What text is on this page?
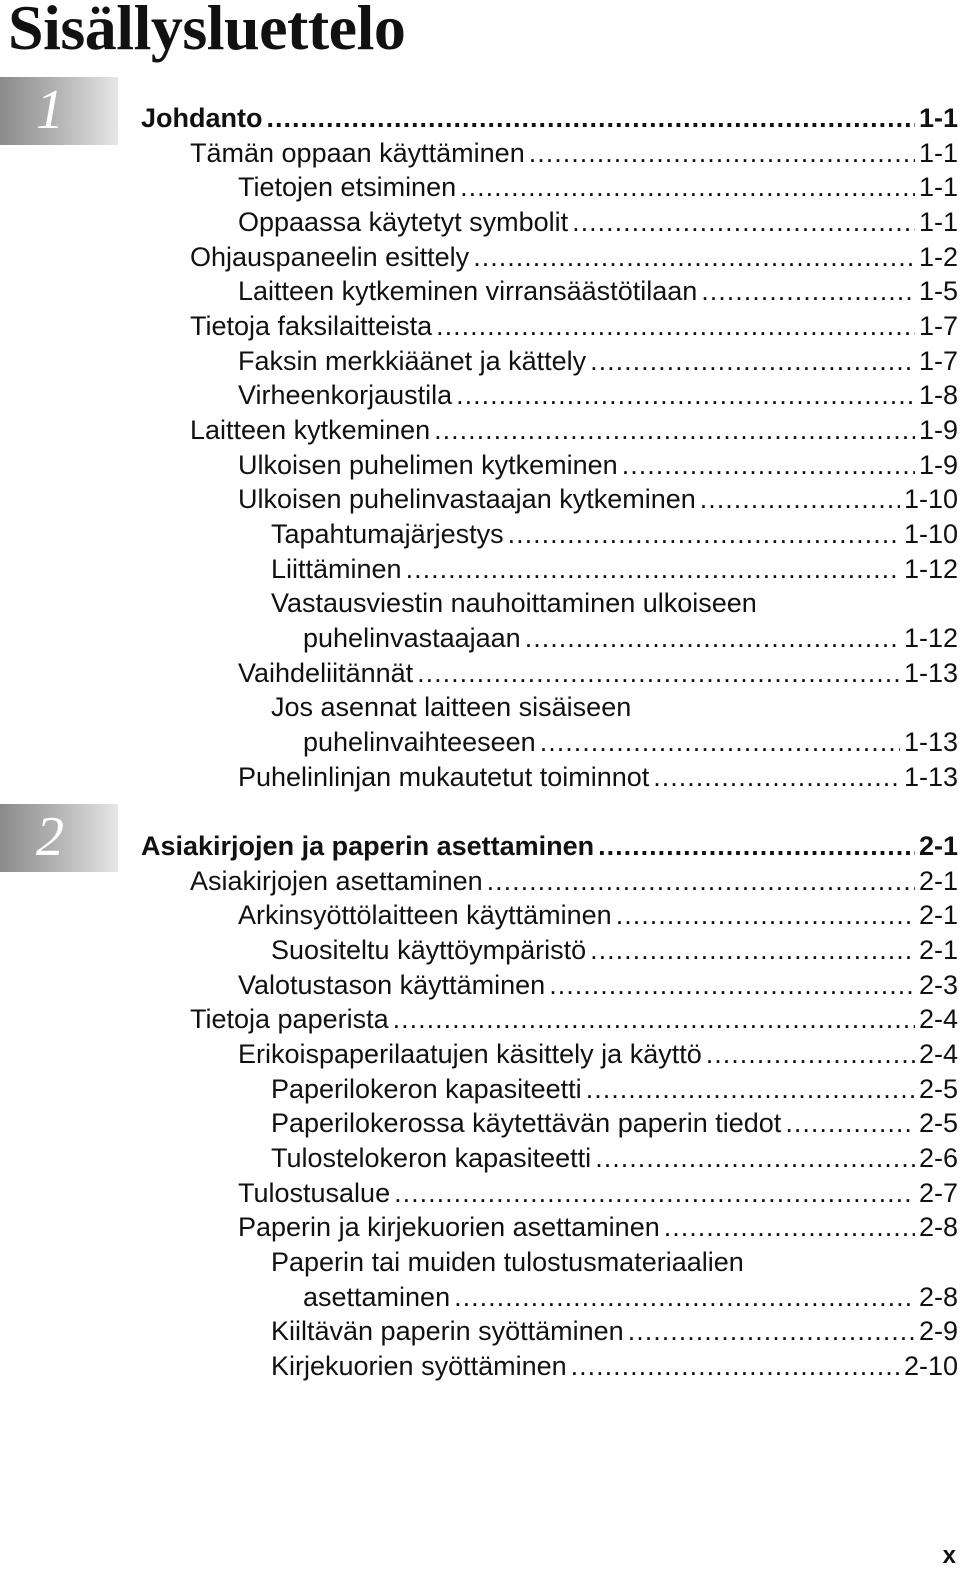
Sisällysluettelo
1	Johdanto .....	1-1
Tämän oppaan käyttäminen .....	1-1
Tietojen etsiminen .....	1-1
Oppaassa käytetyt symbolit .....	1-1
Ohjauspaneelin esittely .....	1-2
Laitteen kytkeminen virransäästötilaan .....	1-5
Tietoja faksilaitteista .....	1-7
Faksin merkkiäänet ja kättely .....	1-7
Virheenkorjaustila .....	1-8
Laitteen kytkeminen .....	1-9
Ulkoisen puhelimen kytkeminen .....	1-9
Ulkoisen puhelinvastaajan kytkeminen .....	1-10
Tapahtumajärjestys .....	1-10
Liittäminen .....	1-12
Vastausviestin nauhoittaminen ulkoiseen
puhelinvastaajaan .....	1-12
Vaihdeliitännät .....	1-13
Jos asennat laitteen sisäiseen
puhelinvaihteeseen .....	1-13
Puhelinlinjan mukautetut toiminnot .....	1-13
2	Asiakirjojen ja paperin asettaminen .....	2-1
Asiakirjojen asettaminen .....	2-1
Arkinsyöttölaitteen käyttäminen .....	2-1
Suositeltu käyttöympäristö .....	2-1
Valotustason käyttäminen .....	2-3
Tietoja paperista .....	2-4
Erikoispaperilaatujen käsittely ja käyttö .....	2-4
Paperilokeron kapasiteetti .....	2-5
Paperilokerossa käytettävän paperin tiedot .....	2-5
Tulostelokeron kapasiteetti .....	2-6
Tulostusalue .....	2-7
Paperin ja kirjekuorien asettaminen .....	2-8
Paperin tai muiden tulostusmateriaalien
asettaminen .....	2-8
Kiiltävän paperin syöttäminen .....	2-9
Kirjekuorien syöttäminen .....	2-10
x
